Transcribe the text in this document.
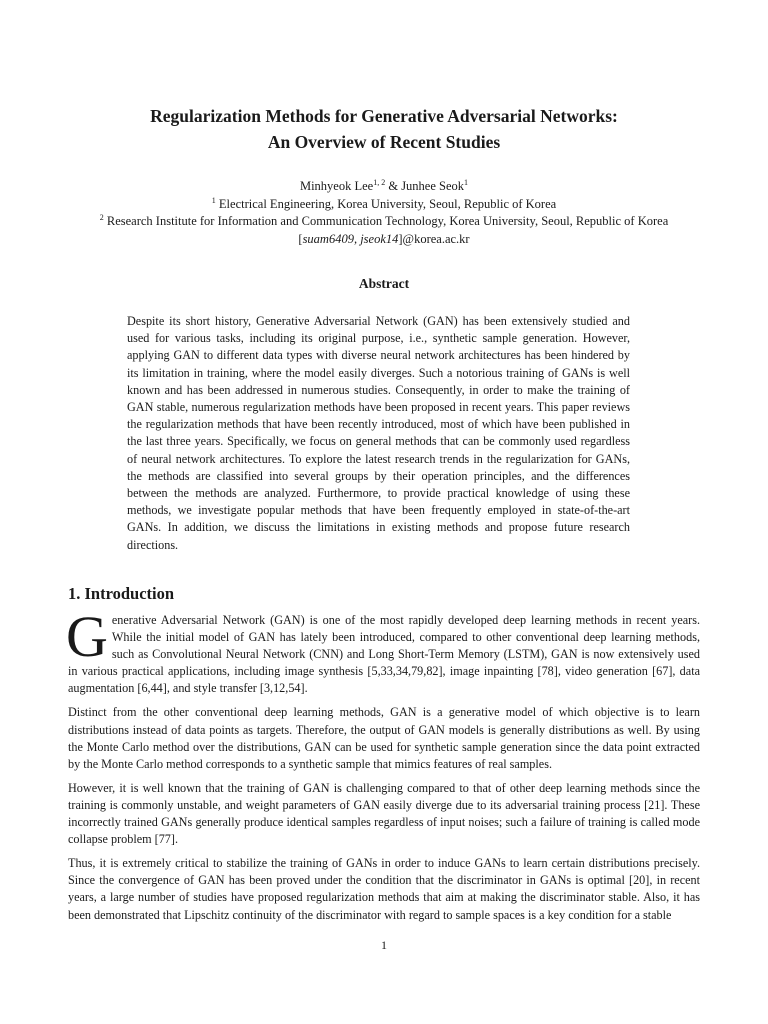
Regularization Methods for Generative Adversarial Networks:
An Overview of Recent Studies
Minhyeok Lee$^{1, 2}$ & Junhee Seok$^1$
$^1$ Electrical Engineering, Korea University, Seoul, Republic of Korea
$^2$ Research Institute for Information and Communication Technology, Korea University, Seoul, Republic of Korea
[suam6409, jseok14]@korea.ac.kr
Abstract
Despite its short history, Generative Adversarial Network (GAN) has been extensively studied and used for various tasks, including its original purpose, i.e., synthetic sample generation. However, applying GAN to different data types with diverse neural network architectures has been hindered by its limitation in training, where the model easily diverges. Such a notorious training of GANs is well known and has been addressed in numerous studies. Consequently, in order to make the training of GAN stable, numerous regularization methods have been proposed in recent years. This paper reviews the regularization methods that have been recently introduced, most of which have been published in the last three years. Specifically, we focus on general methods that can be commonly used regardless of neural network architectures. To explore the latest research trends in the regularization for GANs, the methods are classified into several groups by their operation principles, and the differences between the methods are analyzed. Furthermore, to provide practical knowledge of using these methods, we investigate popular methods that have been frequently employed in state-of-the-art GANs. In addition, we discuss the limitations in existing methods and propose future research directions.
1. Introduction

Generative Adversarial Network (GAN) is one of the most rapidly developed deep learning methods in recent years. While the initial model of GAN has lately been introduced, compared to other conventional deep learning methods, such as Convolutional Neural Network (CNN) and Long Short-Term Memory (LSTM), GAN is now extensively used in various practical applications, including image synthesis [5,33,34,79,82], image inpainting [78], video generation [67], data augmentation [6,44], and style transfer [3,12,54].

Distinct from the other conventional deep learning methods, GAN is a generative model of which objective is to learn distributions instead of data points as targets. Therefore, the output of GAN models is generally distributions as well. By using the Monte Carlo method over the distributions, GAN can be used for synthetic sample generation since the data point extracted by the Monte Carlo method corresponds to a synthetic sample that mimics features of real samples.

However, it is well known that the training of GAN is challenging compared to that of other deep learning methods since the training is commonly unstable, and weight parameters of GAN easily diverge due to its adversarial training process [21]. These incorrectly trained GANs generally produce identical samples regardless of input noises; such a failure of training is called mode collapse problem [77].

Thus, it is extremely critical to stabilize the training of GANs in order to induce GANs to learn certain distributions precisely. Since the convergence of GAN has been proved under the condition that the discriminator in GANs is optimal [20], in recent years, a large number of studies have proposed regularization methods that aim at making the discriminator stable. Also, it has been demonstrated that Lipschitz continuity of the discriminator with regard to sample spaces is a key condition for a stable

1
